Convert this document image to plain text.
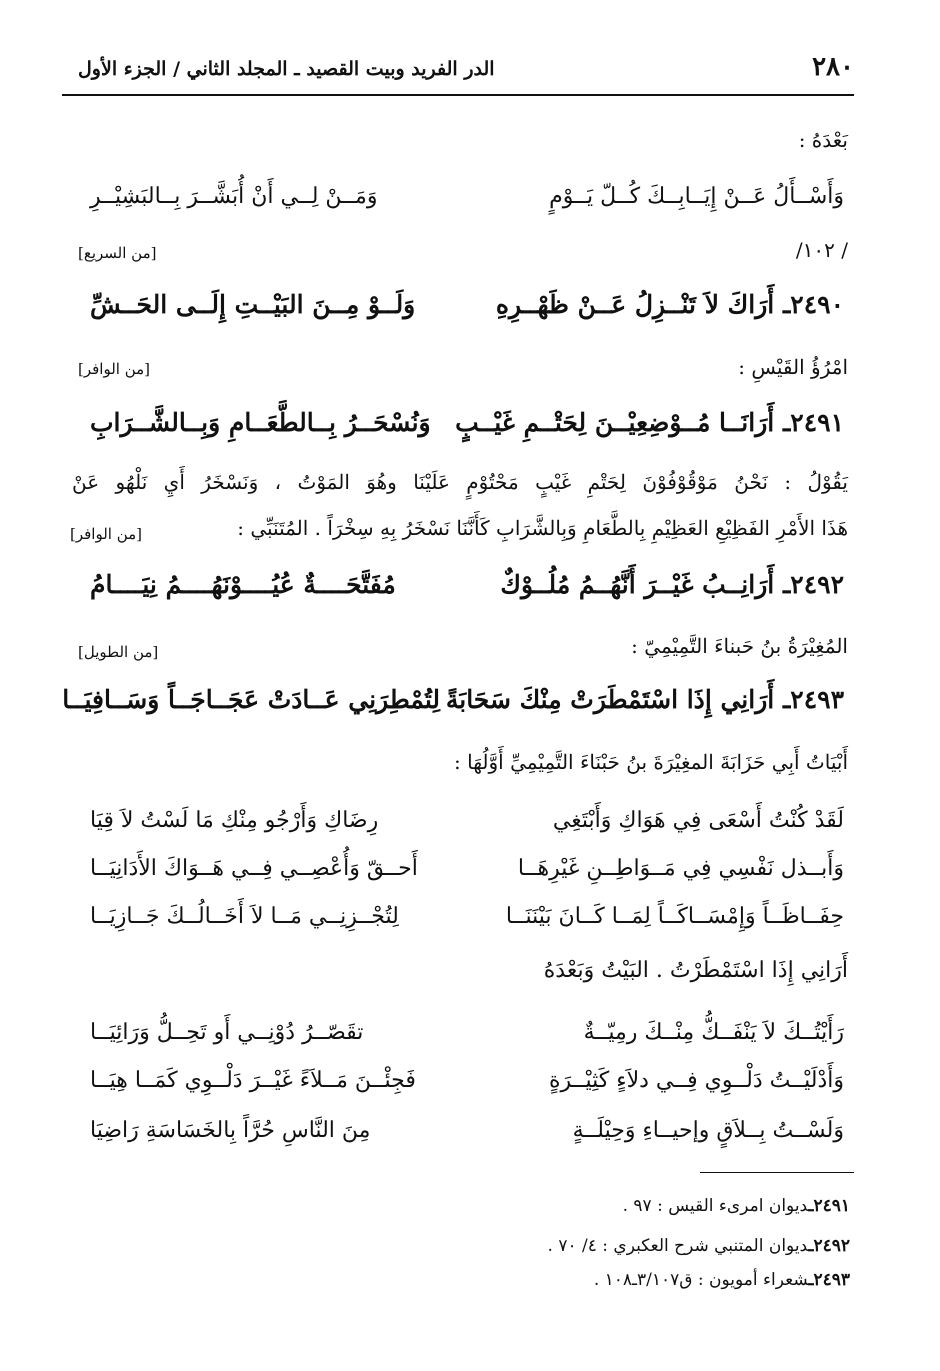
٢٨٠
الدر الفريد وبيت القصيد ـ المجلد الثاني / الجزء الأول
بَعْدَهُ :
وَأَسْــأَلُ عَــنْ إِيَــابِــكَ كُــلّ يَــوْمٍ
وَمَــنْ لِــي أَنْ أُبَشَّــرَ بِــالبَشِيْــرِ
/ ١٠٢/
[من السريع]
٢٤٩٠ـ أَرَاكَ لاَ تَنْــزِلُ عَــنْ ظَهْــرِهِ
وَلَــوْ مِــنَ البَيْــتِ إِلَــى الحَــشِّ
امْرُؤُ القَيْسِ :
[من الوافر]
٢٤٩١ـ أَرَانَــا مُــوْضِعِيْــنَ لِحَتْــمِ غَيْــبٍ
وَنُسْحَــرُ بِــالطَّعَــامِ وَبِــالشَّــرَابِ
يَقُوْلُ : نَحْنُ مَوْقُوْفُوْنَ لِحَتْمِ غَيْبٍ مَحْتُوْمٍ عَلَيْنَا وهُوَ المَوْتُ ، وَنَسْخَرُ أَيِ نَلْهُو عَنْ
هَذَا الأَمْرِ الفَظِيْعِ العَظِيْمِ بِالطَّعَامِ وَبِالشَّرَابِ كَأَنَّنَا نَسْخَرُ بِهِ سِخْرَاً . المُتَنَبِّي :
[من الوافر]
٢٤٩٢ـ أَرَانِــبُ غَيْــرَ أَنَّهُــمُ مُلُــوْكٌ
مُفَتَّحَــــةٌ عُيُــــوْنَهُــــمُ نِيَــــامُ
المُغِيْرَةُ بنُ حَبناءَ التَّمِيْمِيّ :
[من الطويل]
٢٤٩٣ـ أَرَانِي إِذَا اسْتَمْطَرَتْ مِنْكَ سَحَابَةً
لِتُمْطِرَنِي عَــادَتْ عَجَــاجَــاً وَسَــافِيَــا
أَبْيَاتُ أَبِي حَزَابَةَ المغِيْرَةَ بنُ حَبْنَاءَ التَّمِيْمِيِّ أَوَّلُهَا :
لَقَدْ كُنْتُ أَسْعَى فِي هَوَاكِ وَأَبْتَغِي
رِضَاكِ وَأَرْجُو مِنْكِ مَا لَسْتُ لاَ قِيَا
وَأَبــذل نَفْسِي فِي مَــوَاطِــنِ غَيْرِهَــا
أَحــقّ وَأُعْصِــي فِــي هَــوَاكَ الأَدَانِيَــا
حِفَــاظَــاً وَإِمْسَــاكَــاً لِمَــا كَــانَ بَيْنَنَــا
لِتُجْــزِنِــي مَــا لاَ أَخَــالُــكَ جَــازِيَــا
أَرَانِي إِذَا اسْتَمْطَرْتُ . البَيْتُ وَبَعْدَهُ
رَأَيْتُــكَ لاَ يَنْفَــكُّ مِنْــكَ رمِيّــةٌ
تقَصّــرُ دُوْنِــي أَو تَحِــلُّ وَرَائِيَــا
وَأَدْلَيْــتُ دَلْــوِي فِــي دلاَءٍ كَثِيْــرَةٍ
فَجِئْــنَ مَــلاَءً غَيْــرَ دَلْــوِي كَمَــا هِيَــا
وَلَسْــتُ بِــلاَقٍ وإحيــاءِ وَحِيْلَــةٍ
مِنَ النَّاسِ حُرَّاً بِالخَسَاسَةِ رَاضِيَا
٢٤٩١ـديوان امرىء القيس : ٩٧ .
٢٤٩٢ـديوان المتنبي شرح العكبري : ٤/ ٧٠ .
٢٤٩٣ـشعراء أمويون : ق٣/١٠٧ـ١٠٨ .
